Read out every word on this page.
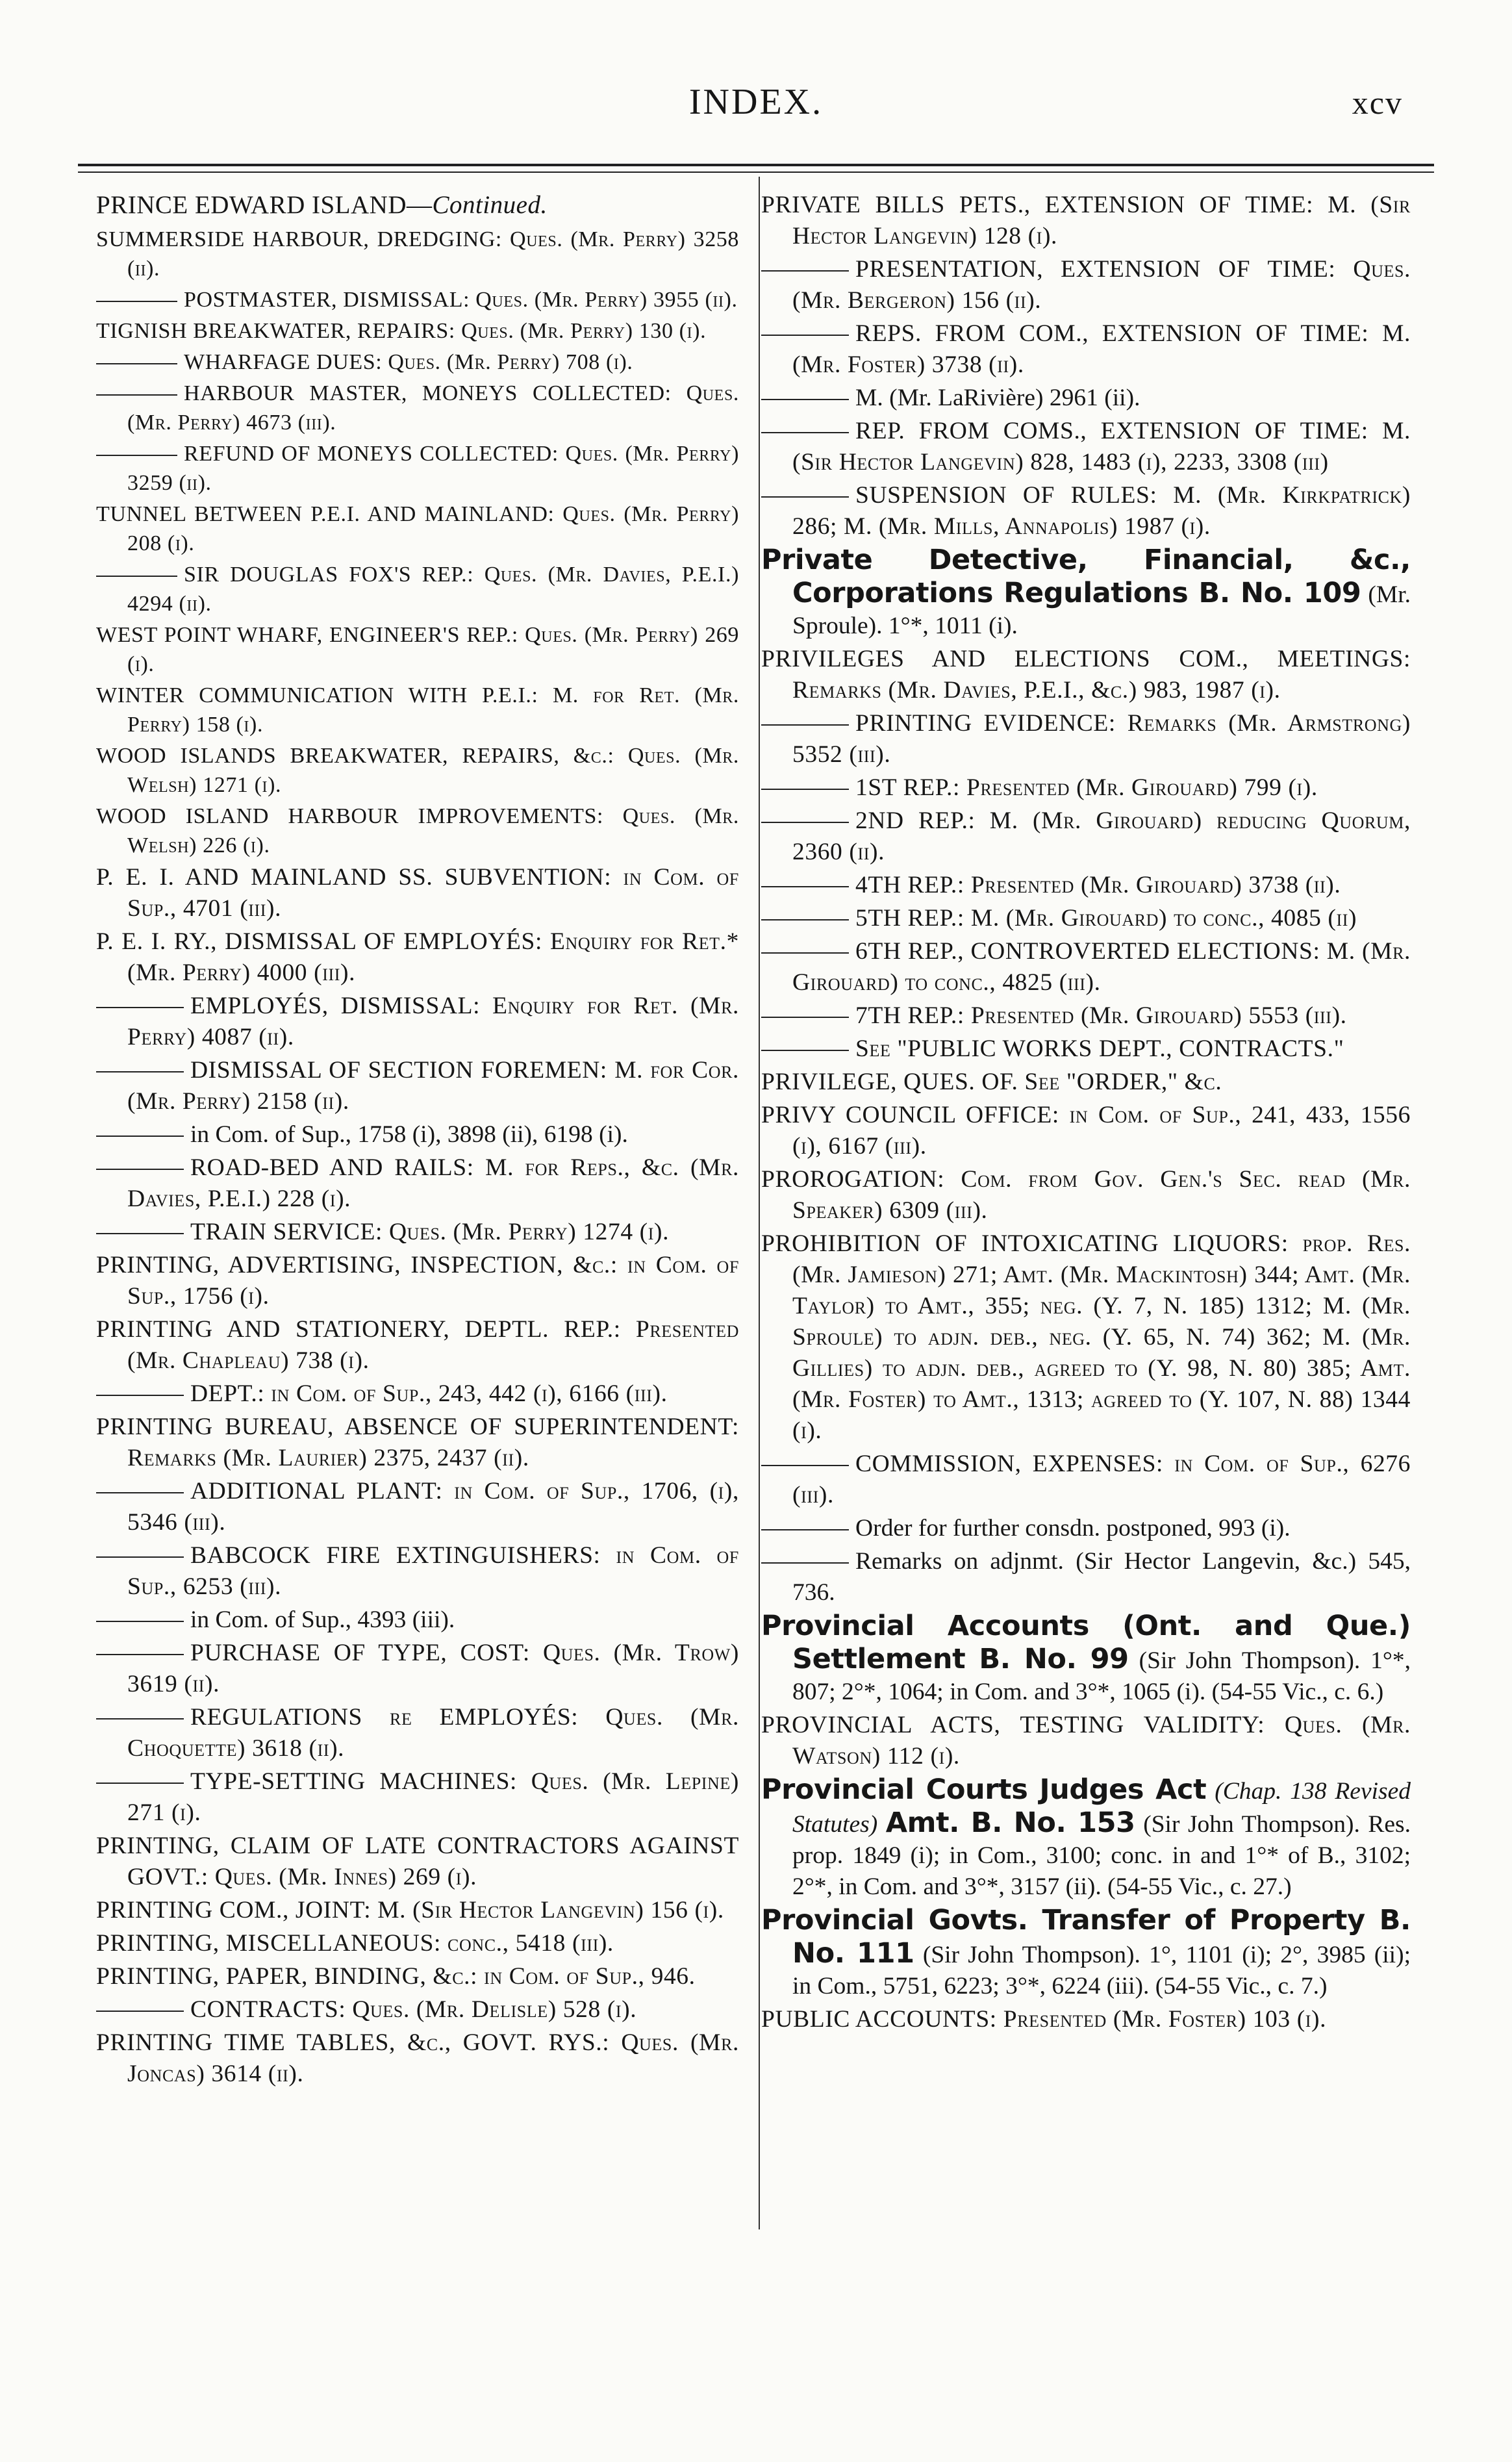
INDEX.	xcv
PRINCE EDWARD ISLAND—Continued.
SUMMERSIDE HARBOUR, DREDGING: Ques. (Mr. Perry) 3258 (ii).
POSTMASTER, DISMISSAL: Ques. (Mr. Perry) 3955 (ii).
TIGNISH BREAKWATER, REPAIRS: Ques. (Mr. Perry) 130 (i).
WHARFAGE DUES: Ques. (Mr. Perry) 708 (i).
HARBOUR MASTER, MONEYS COLLECTED: Ques. (Mr. Perry) 4673 (iii).
REFUND OF MONEYS COLLECTED: Ques. (Mr. Perry) 3259 (ii).
TUNNEL BETWEEN P.E.I. AND MAINLAND: Ques. (Mr. Perry) 208 (i).
SIR DOUGLAS FOX'S REP.: Ques. (Mr. Davies, P.E.I.) 4294 (ii).
WEST POINT WHARF, ENGINEER'S REP.: Ques. (Mr. Perry) 269 (i).
WINTER COMMUNICATION WITH P.E.I.: M. for Ret. (Mr. Perry) 158 (i).
WOOD ISLANDS BREAKWATER, REPAIRS, &c.: Ques. (Mr. Welsh) 1271 (i).
WOOD ISLAND HARBOUR IMPROVEMENTS: Ques. (Mr. Welsh) 226 (i).
P. E. I. AND MAINLAND SS. SUBVENTION: in Com. of Sup., 4701 (iii).
P. E. I. RY., DISMISSAL OF EMPLOYÉS: Enquiry for Ret.* (Mr. Perry) 4000 (iii).
EMPLOYÉS, DISMISSAL: Enquiry for Ret. (Mr. Perry) 4087 (ii).
DISMISSAL OF SECTION FOREMEN: M. for Cor. (Mr. Perry) 2158 (ii).
in Com. of Sup., 1758 (i), 3898 (ii), 6198 (i).
ROAD-BED AND RAILS: M. for Reps., &c. (Mr. Davies, P.E.I.) 228 (i).
TRAIN SERVICE: Ques. (Mr. Perry) 1274 (i).
PRINTING, ADVERTISING, INSPECTION, &c.: in Com. of Sup., 1756 (i).
PRINTING AND STATIONERY, DEPTL. REP.: Presented (Mr. Chapleau) 738 (i).
DEPT.: in Com. of Sup., 243, 442 (i), 6166 (iii).
PRINTING BUREAU, ABSENCE OF SUPERINTENDENT: Remarks (Mr. Laurier) 2375, 2437 (ii).
ADDITIONAL PLANT: in Com. of Sup., 1706, (i), 5346 (iii).
BABCOCK FIRE EXTINGUISHERS: in Com. of Sup., 6253 (iii).
in Com. of Sup., 4393 (iii).
PURCHASE OF TYPE, COST: Ques. (Mr. Trow) 3619 (ii).
REGULATIONS re EMPLOYÉS: Ques. (Mr. Choquette) 3618 (ii).
TYPE-SETTING MACHINES: Ques. (Mr. Lepine) 271 (i).
PRINTING, CLAIM OF LATE CONTRACTORS AGAINST GOVT.: Ques. (Mr. Innes) 269 (i).
PRINTING COM., JOINT: M. (Sir Hector Langevin) 156 (i).
PRINTING, MISCELLANEOUS: conc., 5418 (iii).
PRINTING, PAPER, BINDING, &c.: in Com. of Sup., 946.
CONTRACTS: Ques. (Mr. Delisle) 528 (i).
PRINTING TIME TABLES, &c., GOVT. RYS.: Ques. (Mr. Joncas) 3614 (ii).
PRIVATE BILLS PETS., EXTENSION OF TIME: M. (Sir Hector Langevin) 128 (i).
PRESENTATION, EXTENSION OF TIME: Ques. (Mr. Bergeron) 156 (ii).
REPS. FROM COM., EXTENSION OF TIME: M. (Mr. Foster) 3738 (ii).
M. (Mr. LaRivière) 2961 (ii).
REP. FROM COMS., EXTENSION OF TIME: M. (Sir Hector Langevin) 828, 1483 (i), 2233, 3308 (iii)
SUSPENSION OF RULES: M. (Mr. Kirkpatrick) 286; M. (Mr. Mills, Annapolis) 1987 (i).
Private Detective, Financial, &c., Corporations Regulations B. No. 109 (Mr. Sproule). 1°*, 1011 (i).
PRIVILEGES AND ELECTIONS COM., MEETINGS: Remarks (Mr. Davies, P.E.I., &c.) 983, 1987 (i).
PRINTING EVIDENCE: Remarks (Mr. Armstrong) 5352 (iii).
1ST REP.: Presented (Mr. Girouard) 799 (i).
2ND REP.: M. (Mr. Girouard) reducing Quorum, 2360 (ii).
4TH REP.: Presented (Mr. Girouard) 3738 (ii).
5TH REP.: M. (Mr. Girouard) to conc., 4085 (ii)
6TH REP., CONTROVERTED ELECTIONS: M. (Mr. Girouard) to conc., 4825 (iii).
7TH REP.: Presented (Mr. Girouard) 5553 (iii).
See "PUBLIC WORKS DEPT., CONTRACTS."
PRIVILEGE, QUES. OF. See "ORDER," &c.
PRIVY COUNCIL OFFICE: in Com. of Sup., 241, 433, 1556 (i), 6167 (iii).
PROROGATION: Com. from Gov. Gen.'s Sec. read (Mr. Speaker) 6309 (iii).
PROHIBITION OF INTOXICATING LIQUORS: prop. Res. (Mr. Jamieson) 271; Amt. (Mr. Mackintosh) 344; Amt. (Mr. Taylor) to Amt., 355; neg. (Y. 7, N. 185) 1312; M. (Mr. Sproule) to adjn. deb., neg. (Y. 65, N. 74) 362; M. (Mr. Gillies) to adjn. deb., agreed to (Y. 98, N. 80) 385; Amt. (Mr. Foster) to Amt., 1313; agreed to (Y. 107, N. 88) 1344 (i).
COMMISSION, EXPENSES: in Com. of Sup., 6276 (iii).
Order for further consdn. postponed, 993 (i).
Remarks on adjnmt. (Sir Hector Langevin, &c.) 545, 736.
Provincial Accounts (Ont. and Que.) Settlement B. No. 99 (Sir John Thompson). 1°*, 807; 2°*, 1064; in Com. and 3°*, 1065 (i). (54-55 Vic., c. 6.)
PROVINCIAL ACTS, TESTING VALIDITY: Ques. (Mr. Watson) 112 (i).
Provincial Courts Judges Act (Chap. 138 Revised Statutes) Amt. B. No. 153 (Sir John Thompson). Res. prop. 1849 (i); in Com., 3100; conc. in and 1°* of B., 3102; 2°*, in Com. and 3°*, 3157 (ii). (54-55 Vic., c. 27.)
Provincial Govts. Transfer of Property B. No. 111 (Sir John Thompson). 1°, 1101 (i); 2°, 3985 (ii); in Com., 5751, 6223; 3°*, 6224 (iii). (54-55 Vic., c. 7.)
PUBLIC ACCOUNTS: Presented (Mr. Foster) 103 (i).
